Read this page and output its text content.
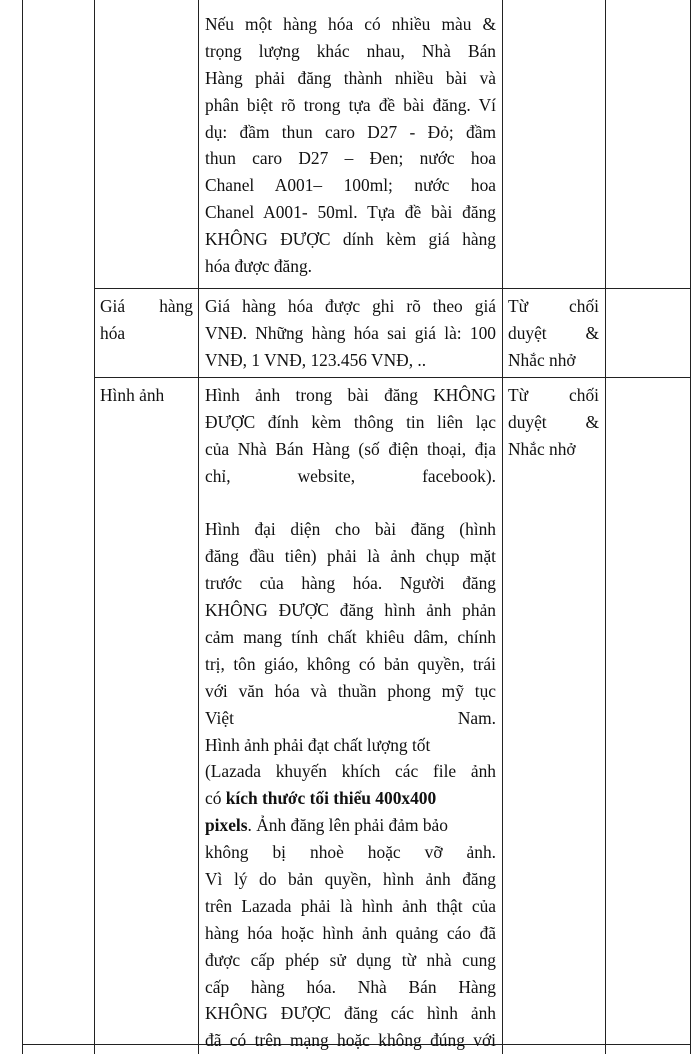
Nếu một hàng hóa có nhiều màu &
trọng lượng khác nhau, Nhà Bán
Hàng phải đăng thành nhiều bài và
phân biệt rõ trong tựa đề bài đăng. Ví
dụ: đầm thun caro D27 - Đỏ; đầm
thun caro D27 – Đen; nước hoa
Chanel A001– 100ml; nước hoa
Chanel A001- 50ml. Tựa đề bài đăng
KHÔNG ĐƯỢC dính kèm giá hàng
hóa được đăng.
Giá hàng
hóa
Giá hàng hóa được ghi rõ theo giá
VNĐ. Những hàng hóa sai giá là: 100
VNĐ, 1 VNĐ, 123.456 VNĐ, ..
Từ chối
duyệt &
Nhắc nhở
Hình ảnh	Hình ảnh trong bài đăng KHÔNG
ĐƯỢC đính kèm thông tin liên lạc
của Nhà Bán Hàng (số điện thoại, địa
chỉ, website, facebook).
Hình đại diện cho bài đăng (hình
đăng đầu tiên) phải là ảnh chụp mặt
trước của hàng hóa. Người đăng
KHÔNG ĐƯỢC đăng hình ảnh phản
cảm mang tính chất khiêu dâm, chính
trị, tôn giáo, không có bản quyền, trái
với văn hóa và thuần phong mỹ tục
Việt Nam.
Hình ảnh phải đạt chất lượng tốt
(Lazada khuyến khích các file ảnh
có kích thước tối thiểu 400x400
pixels. Ảnh đăng lên phải đảm bảo
không bị nhoè hoặc vỡ ảnh.
Vì lý do bản quyền, hình ảnh đăng
trên Lazada phải là hình ảnh thật của
hàng hóa hoặc hình ảnh quảng cáo đã
được cấp phép sử dụng từ nhà cung
cấp hàng hóa. Nhà Bán Hàng
KHÔNG ĐƯỢC đăng các hình ảnh
đã có trên mạng hoặc không đúng với
Từ chối
duyệt &
Nhắc nhở
